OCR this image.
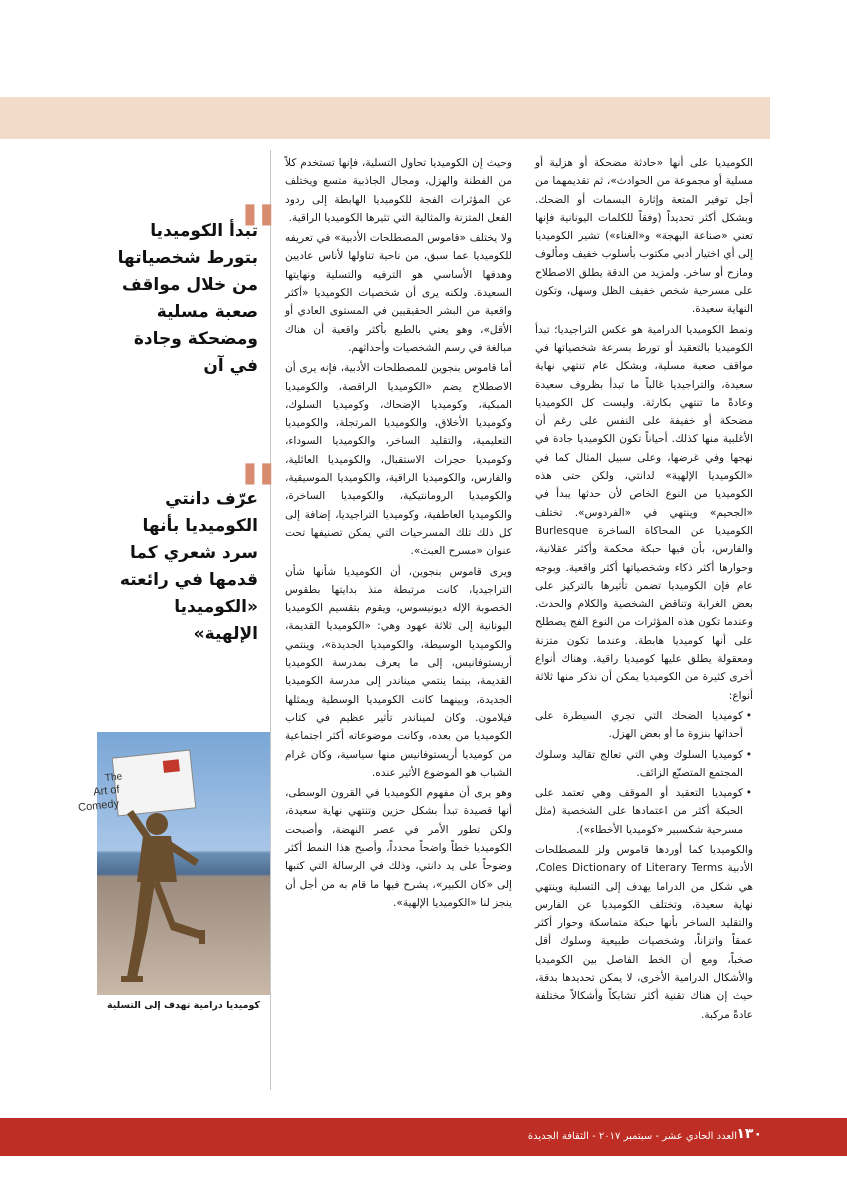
الكوميديا على أنها «حادثة مضحكة أو هزلية أو مسلية أو مجموعة من الحوادث»، ثم تقديمهما من أجل توفير المتعة وإثارة البسمات أو الضحك. وبشكل أكثر تحديداً (وفقاً للكلمات اليونانية فإنها تعني «صناعة البهجة» و«الغناء») تشير الكوميديا إلى أي اختيار أدبي مكتوب بأسلوب خفيف ومألوف ومازح أو ساخر. ولمزيد من الدقة يطلق الاصطلاح على مسرحية شخص خفيف الظل وسهل، وتكون النهاية سعيدة.

ونمط الكوميديا الدرامية هو عكس التراجيديا؛ تبدأ الكوميديا بالتعقيد أو تورط بسرعة شخصياتها في مواقف صعبة مسلية، وبشكل عام تنتهي نهاية سعيدة، والتراجيديا غالباً ما تبدأ بظروف سعيدة وعادةً ما تنتهي بكارثة. وليست كل الكوميديا مضحكة أو خفيفة على النفس على رغم أن الأغلبية منها كذلك. أحياناً تكون الكوميديا جادة في نهجها وفي غرضها، وعلى سبيل المثال كما في «الكوميديا الإلهية» لدانتي، ولكن حتى هذه الكوميديا من النوع الخاص لأن حدثها يبدأ في «الجحيم» وينتهي في «الفردوس». تختلف الكوميديا عن المحاكاة الساخرة Burlesque والفارس، بأن فيها حبكة محكمة وأكثر عقلانية، وحوارها أكثر ذكاء وشخصياتها أكثر واقعية. وبوجه عام فإن الكوميديا تضمن تأثيرها بالتركيز على بعض الغرابة وتناقض الشخصية والكلام والحدث. وعندما تكون هذه المؤثرات من النوع الفج يصطلح على أنها كوميديا هابطة. وعندما تكون متزنة ومعقولة يطلق عليها كوميديا راقية. وهناك أنواع أخرى كثيرة من الكوميديا يمكن أن نذكر منها ثلاثة أنواع:

• كوميديا الضحك التي تجري السيطرة على أحداثها بنزوة ما أو بعض الهزل.
• كوميديا السلوك وهي التي تعالج تقاليد وسلوك المجتمع المتصنّع الزائف.
• كوميديا التعقيد أو الموقف وهي تعتمد على الحبكة أكثر من اعتمادها على الشخصية (مثل مسرحية شكسبير «كوميديا الأخطاء»).

والكوميديا كما أوردها قاموس ولز للمصطلحات الأدبية Coles Dictionary of Literary Terms، هي شكل من الدراما يهدف إلى التسلية وينتهي نهاية سعيدة، وتختلف الكوميديا عن الفارس والتقليد الساخر بأنها حبكة متماسكة وحوار أكثر عمقاً واتزاناً، وشخصيات طبيعية وسلوك أقل صخباً، ومع أن الخط الفاصل بين الكوميديا والأشكال الدرامية الأخرى، لا يمكن تحديدها بدقة، حيث إن هناك تقنية أكثر تشابكاً وأشكالاً مختلفة عادةً مركبة.

وحيث إن الكوميديا تحاول التسلية، فإنها تستخدم كلاً من الفطنة والهزل، ومجال الجاذبية متسع ويختلف عن المؤثرات الفجة للكوميديا الهابطة إلى ردود الفعل المتزنة والمثالية التي تثيرها الكوميديا الراقية.

ولا يختلف «قاموس المصطلحات الأدبية» في تعريفه للكوميديا عما سبق، من ناحية تناولها لأناس عاديين وهدفها الأساسي هو الترفيه والتسلية ونهايتها السعيدة. ولكنه يرى أن شخصيات الكوميديا «أكثر واقعية من البشر الحقيقيين في المستوى العادي أو الأقل»، وهو يعني بالطبع بأكثر واقعية أن هناك مبالغة في رسم الشخصيات وأحداثهم.

أما قاموس بنجوين للمصطلحات الأدبية، فإنه يرى أن الاصطلاح يضم «الكوميديا الراقصة، والكوميديا المبكية، وكوميديا الإضحاك، وكوميديا السلوك، وكوميديا الأخلاق، والكوميديا المرتجلة، والكوميديا التعليمية، والتقليد الساخر، والكوميديا السوداء، وكوميديا حجرات الاستقبال، والكوميديا العائلية، والفارس، والكوميديا الراقية، والكوميديا الموسيقية، والكوميديا الرومانتيكية، والكوميديا الساخرة، والكوميديا العاطفية، وكوميديا التراجيديا، إضافة إلى كل ذلك تلك المسرحيات التي يمكن تصنيفها تحت عنوان «مسرح العبث».

ويرى قاموس بنجوين، أن الكوميديا شأنها شأن التراجيديا، كانت مرتبطة منذ بدايتها بطقوس الخصوبة الإله ديونيسوس، ويقوم بتقسيم الكوميديا اليونانية إلى ثلاثة عهود وهي: «الكوميديا القديمة، والكوميديا الوسيطة، والكوميديا الجديدة»، وينتمي أريستوفانيس، إلى ما يعرف بمدرسة الكوميديا القديمة، بينما ينتمي ميناندر إلى مدرسة الكوميديا الجديدة، وبينهما كانت الكوميديا الوسطية ويمثلها فيلامون. وكان لميناندر تأثير عظيم في كتاب الكوميديا من بعده، وكانت موضوعاته أكثر اجتماعية من كوميديا أريستوفانيس منها سياسية، وكان غرام الشباب هو الموضوع الأثير عنده.

وهو يرى أن مفهوم الكوميديا في القرون الوسطى، أنها قصيدة تبدأ بشكل حزين وتنتهي نهاية سعيدة، ولكن تطور الأمر في عصر النهضة، وأصبحت الكوميديا خطاً واضحاً محدداً، وأصبح هذا النمط أكثر وضوحاً على يد دانتي، وذلك في الرسالة التي كتبها إلى «كان الكبير»، يشرح فيها ما قام به من أجل أن ينجز لنا «الكوميديا الإلهية».

"
تبدأ الكوميديا بتورط شخصياتها من خلال مواقف صعبة مسلية ومضحكة وجادة في آن
"
عرّف دانتي الكوميديا بأنها سرد شعري كما قدمها في رائعته «الكوميديا الإلهية»
The
Art of
Comedy
كوميديا درامية تهدف إلى التسلية
العدد الحادي عشر - سبتمبر ٢٠١٧ - الثقافة الجديدة ١٣٠
